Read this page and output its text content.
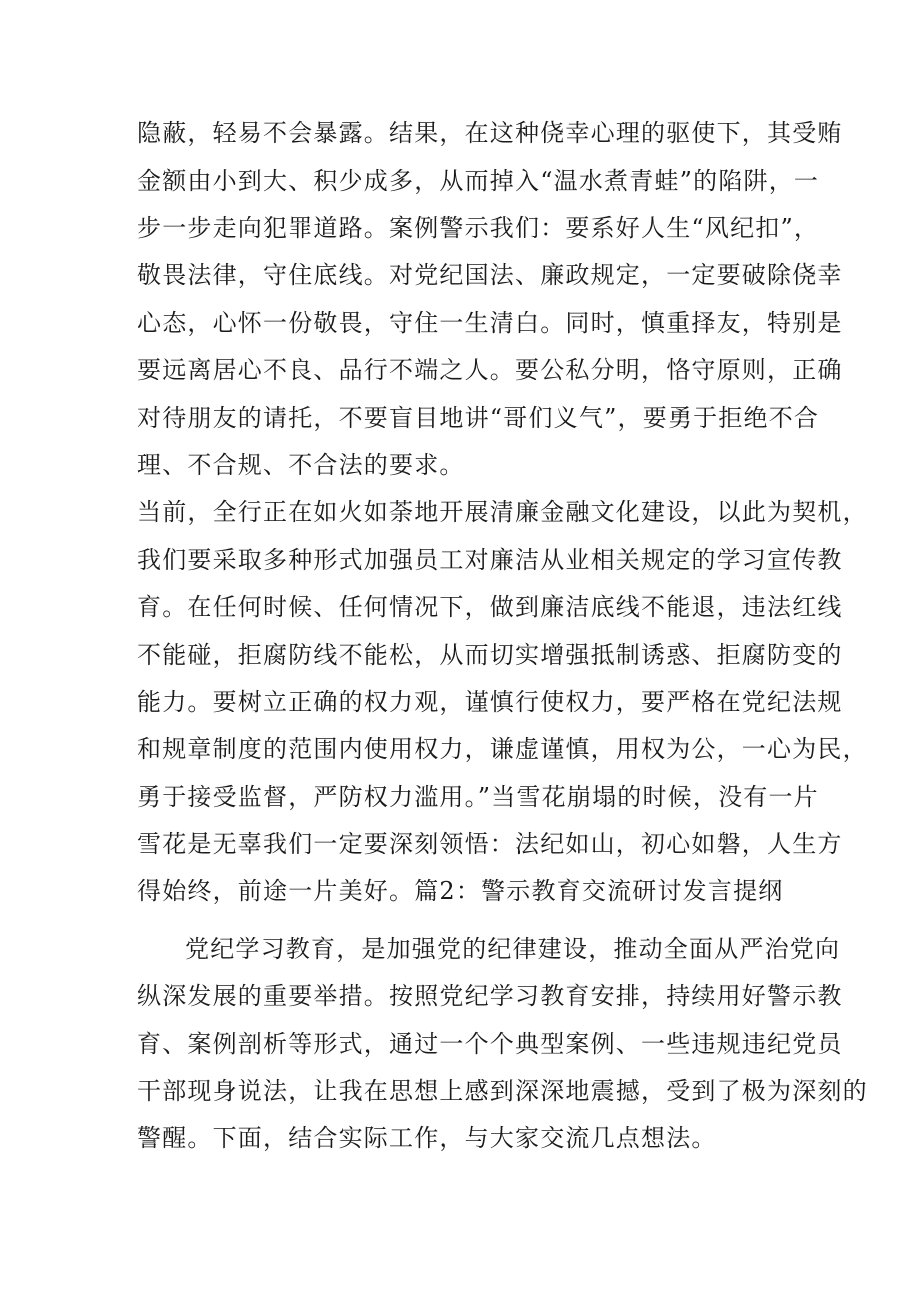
隐蔽，轻易不会暴露。结果，在这种侥幸心理的驱使下，其受贿
金额由小到大、积少成多，从而掉入“温水煮青蛙”的陷阱，一
步一步走向犯罪道路。案例警示我们：要系好人生“风纪扣”，
敬畏法律，守住底线。对党纪国法、廉政规定，一定要破除侥幸
心态，心怀一份敬畏，守住一生清白。同时，慎重择友，特别是
要远离居心不良、品行不端之人。要公私分明，恪守原则，正确
对待朋友的请托，不要盲目地讲“哥们义气”，要勇于拒绝不合
理、不合规、不合法的要求。
当前，全行正在如火如荼地开展清廉金融文化建设，以此为契机，
我们要采取多种形式加强员工对廉洁从业相关规定的学习宣传教
育。在任何时候、任何情况下，做到廉洁底线不能退，违法红线
不能碰，拒腐防线不能松，从而切实增强抵制诱惑、拒腐防变的
能力。要树立正确的权力观，谨慎行使权力，要严格在党纪法规
和规章制度的范围内使用权力，谦虚谨慎，用权为公，一心为民，
勇于接受监督，严防权力滥用。”当雪花崩塌的时候，没有一片
雪花是无辜我们一定要深刻领悟：法纪如山，初心如磐，人生方
得始终，前途一片美好。篇2：警示教育交流研讨发言提纲
党纪学习教育，是加强党的纪律建设，推动全面从严治党向
纵深发展的重要举措。按照党纪学习教育安排，持续用好警示教
育、案例剖析等形式，通过一个个典型案例、一些违规违纪党员
干部现身说法，让我在思想上感到深深地震撼，受到了极为深刻的
警醒。下面，结合实际工作，与大家交流几点想法。
